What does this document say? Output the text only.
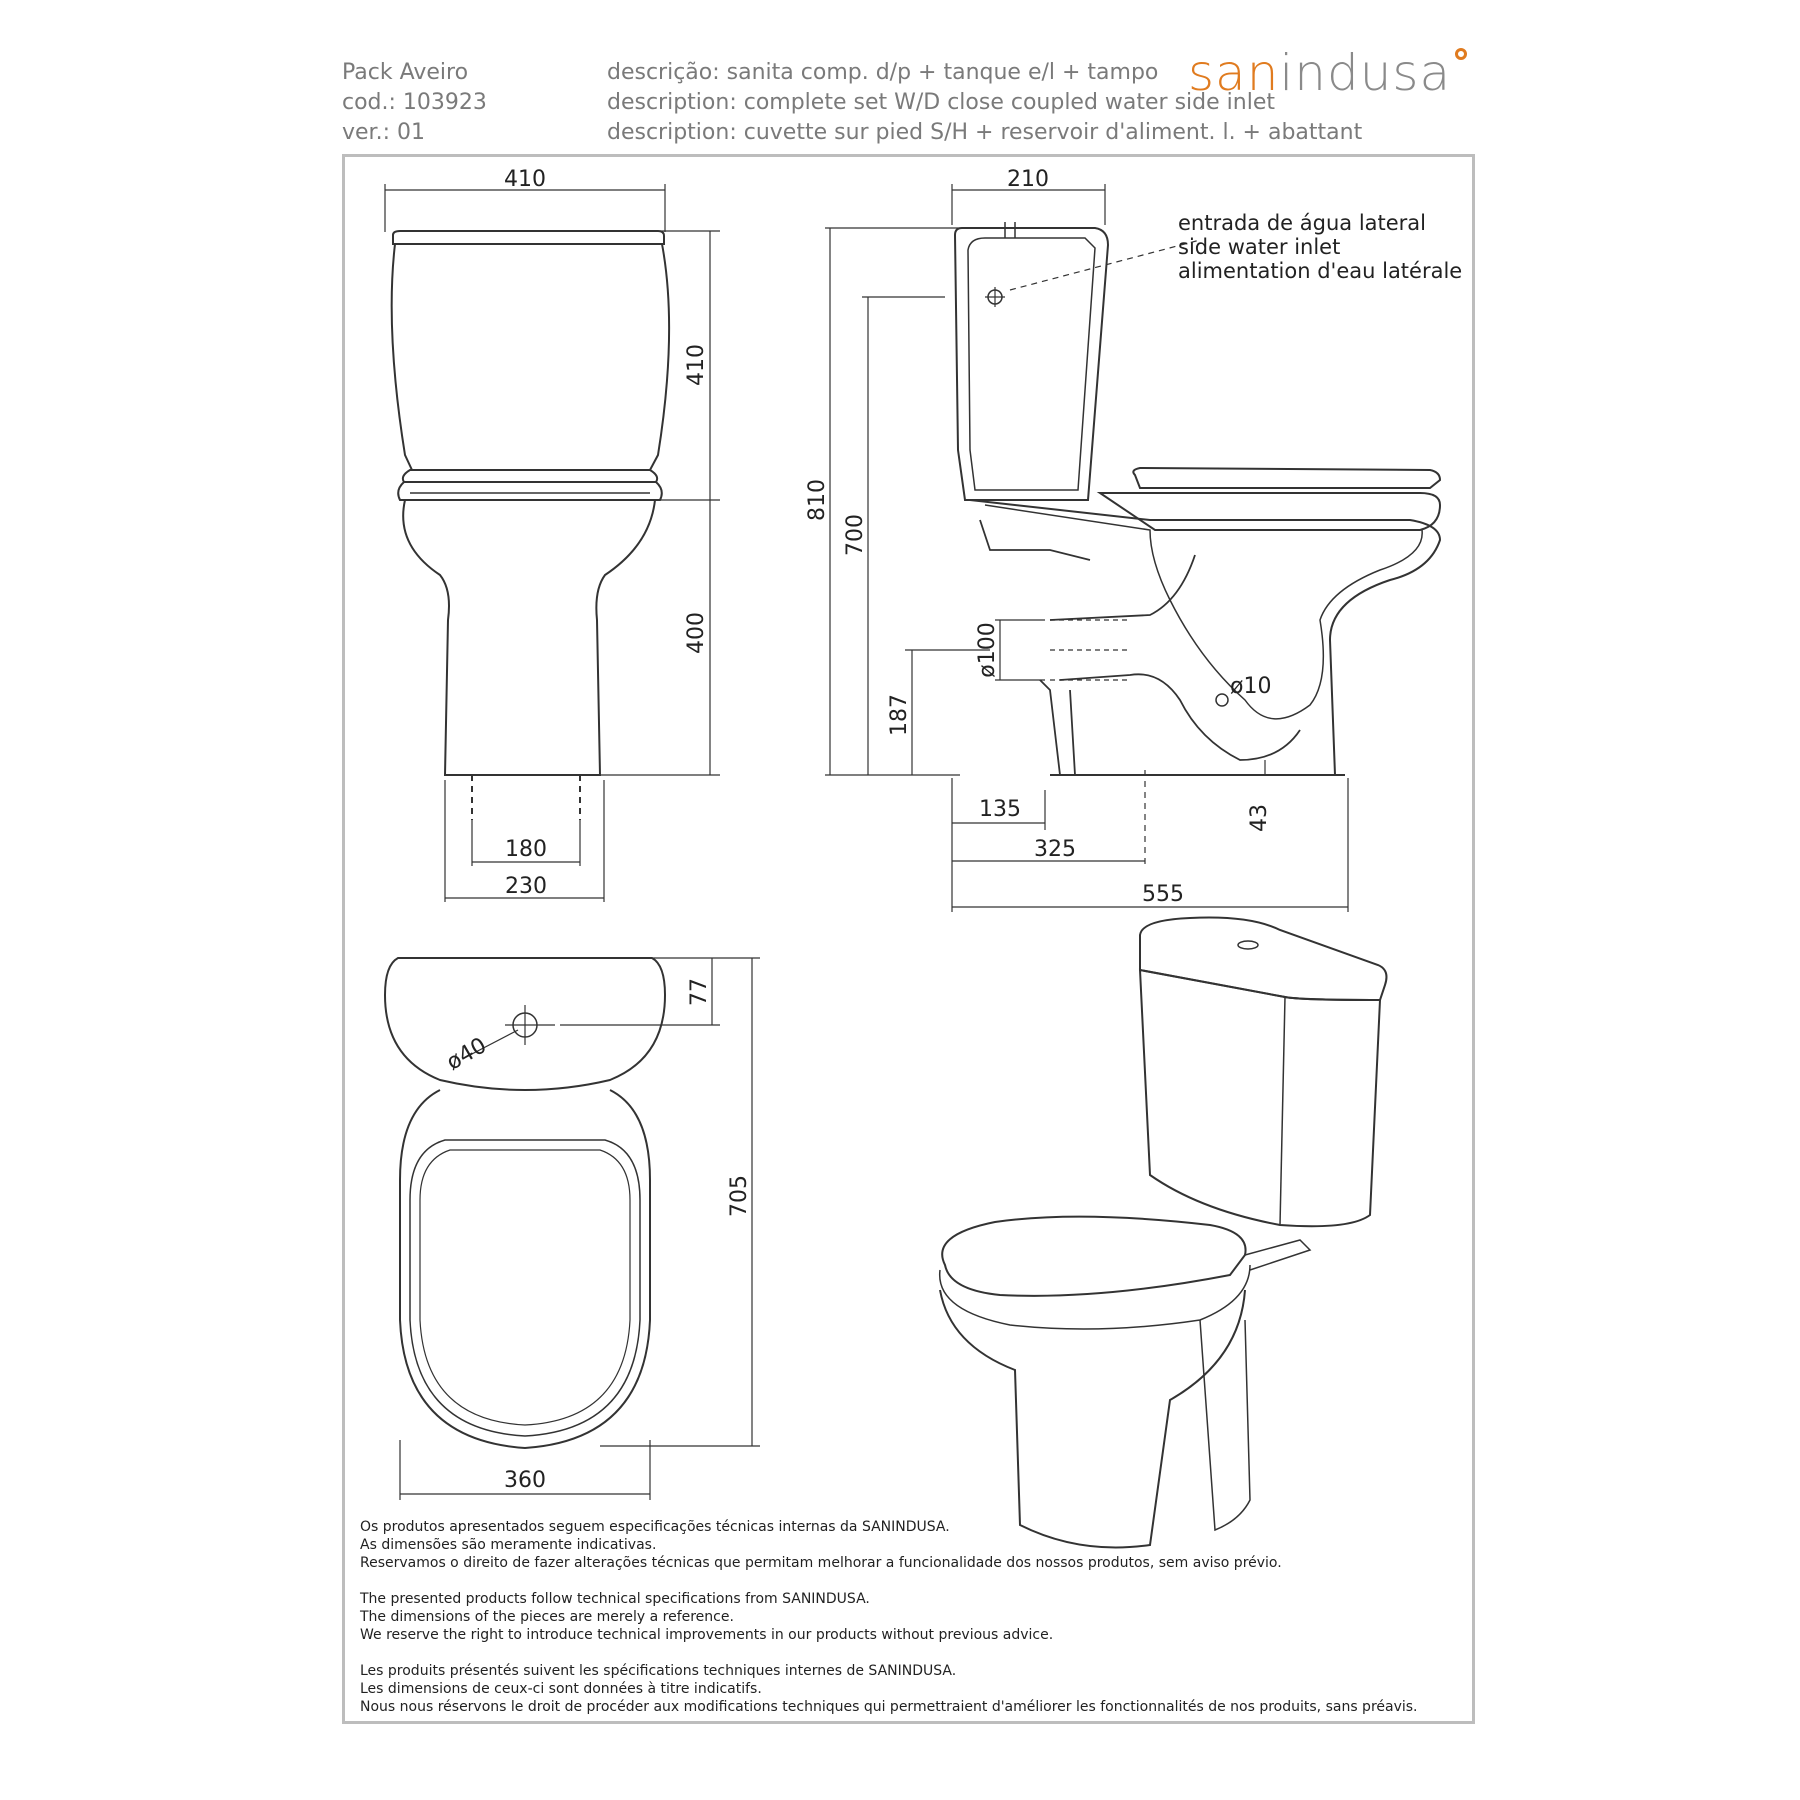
Pack Aveiro
cod.: 103923
ver.: 01
descrição: sanita comp. d/p + tanque e/l + tampo
description: complete set W/D close coupled water side inlet
description: cuvette sur pied S/H + reservoir d'aliment. l. + abattant
sanindusa
410
410
400
180
230
entrada de água lateral
side water inlet
alimentation d'eau latérale
210
810
700
187
ø100
ø10
43
135
325
555
ø40
77
705
360

Os produtos apresentados seguem especificações técnicas internas da SANINDUSA.
As dimensões são meramente indicativas.
Reservamos o direito de fazer alterações técnicas que permitam melhorar a funcionalidade dos nossos produtos, sem aviso prévio.

The presented products follow technical specifications from SANINDUSA.
The dimensions of the pieces are merely a reference.
We reserve the right to introduce technical improvements in our products without previous advice.

Les produits présentés suivent les spécifications techniques internes de SANINDUSA.
Les dimensions de ceux-ci sont données à titre indicatifs.
Nous nous réservons le droit de procéder aux modifications techniques qui permettraient d'améliorer les fonctionnalités de nos produits, sans préavis.
